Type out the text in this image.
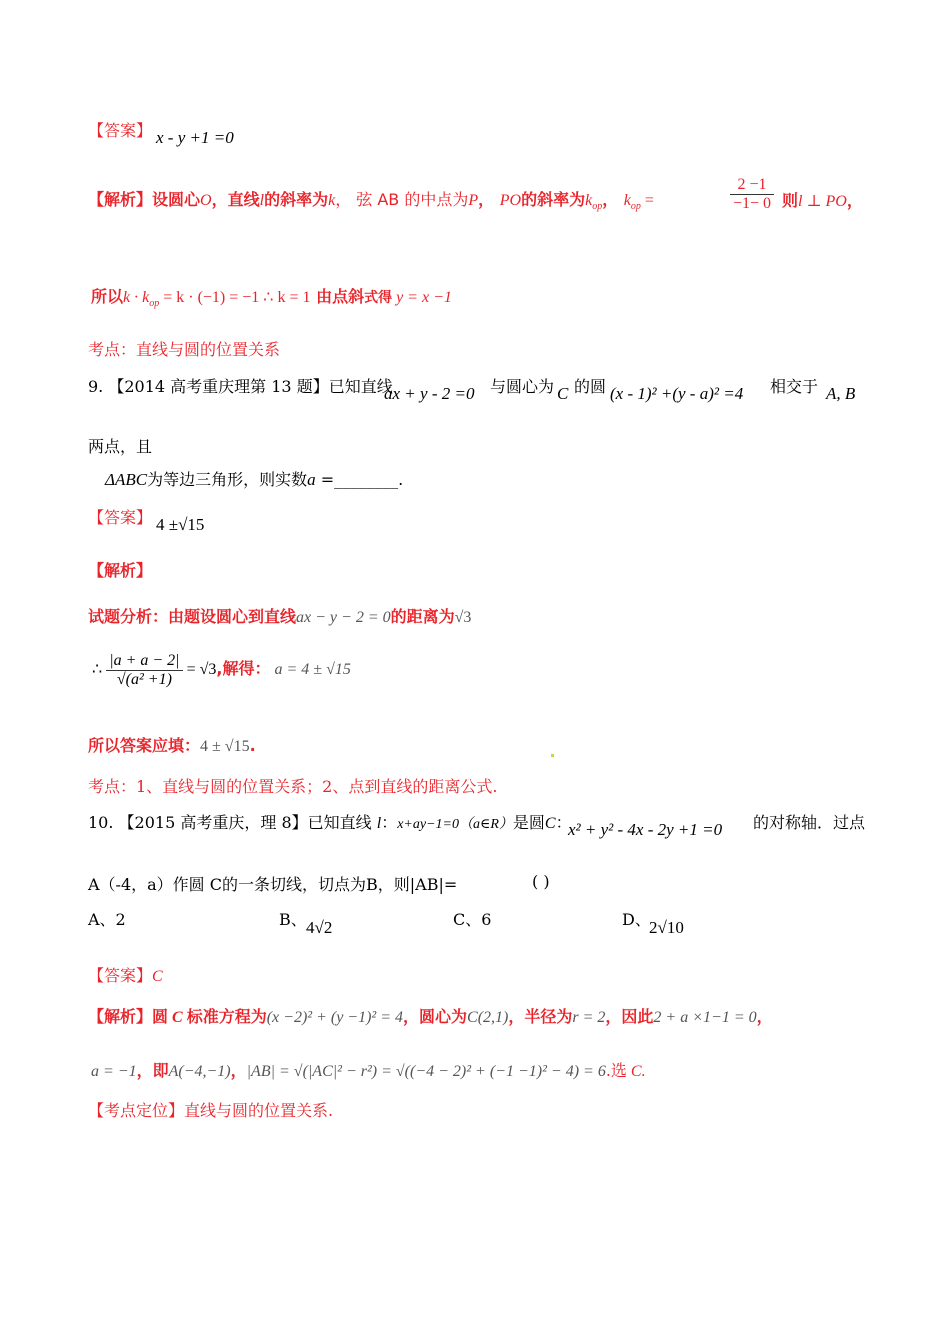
【答案】 x - y +1 =0
【解析】设圆心O，直线l的斜率为k， 弦 AB 的中点为P， PO的斜率为$k_{op}$， $k_{op}$ =	$\frac{2 -1}{-1- 0}$ 则l ⊥ PO，
所以$k \cdot k_{op} = k \cdot (-1) = -1$ ∴ k = 1 由点斜式得 y = x −1
考点：直线与圆的位置关系
9. 【2014 高考重庆理第 13 题】已知直线
ax + y - 2 =0 与圆心为 C 的圆 (x - 1)² +(y - a)² =4 相交于 A, B
两点，且
ΔABC为等边三角形，则实数a =________.
【答案】 4 ±√15
【解析】
试题分析：由题设圆心到直线ax − y − 2 = 0的距离为√3
∴ $\frac{|a + a - 2|}{\text{√(a² +1)}} = √3$,解得： a = 4 ± √15
所以答案应填：4 ± √15.
考点：1、直线与圆的位置关系；2、点到直线的距离公式.
10. 【2015 高考重庆，理 8】已知直线 l：x+ay−1=0（a∈R）是圆C：
x² + y² - 4x - 2y +1 =0 的对称轴．过点
A（-4，a）作圆 C的一条切线，切点为B，则|AB|=	( )
A、2	B、 4√2	C、6	D、
2√10
【答案】C
【解析】圆 C 标准方程为(x −2)² + (y −1)² = 4，圆心为C(2,1)，半径为r = 2，因此2 + a ×1−1 = 0，
a = −1，即A(−4,−1)，|AB| = √(|AC|² − r²) = √((−4 − 2)² + (−1 −1)² − 4) = 6.选 C.
【考点定位】直线与圆的位置关系.
